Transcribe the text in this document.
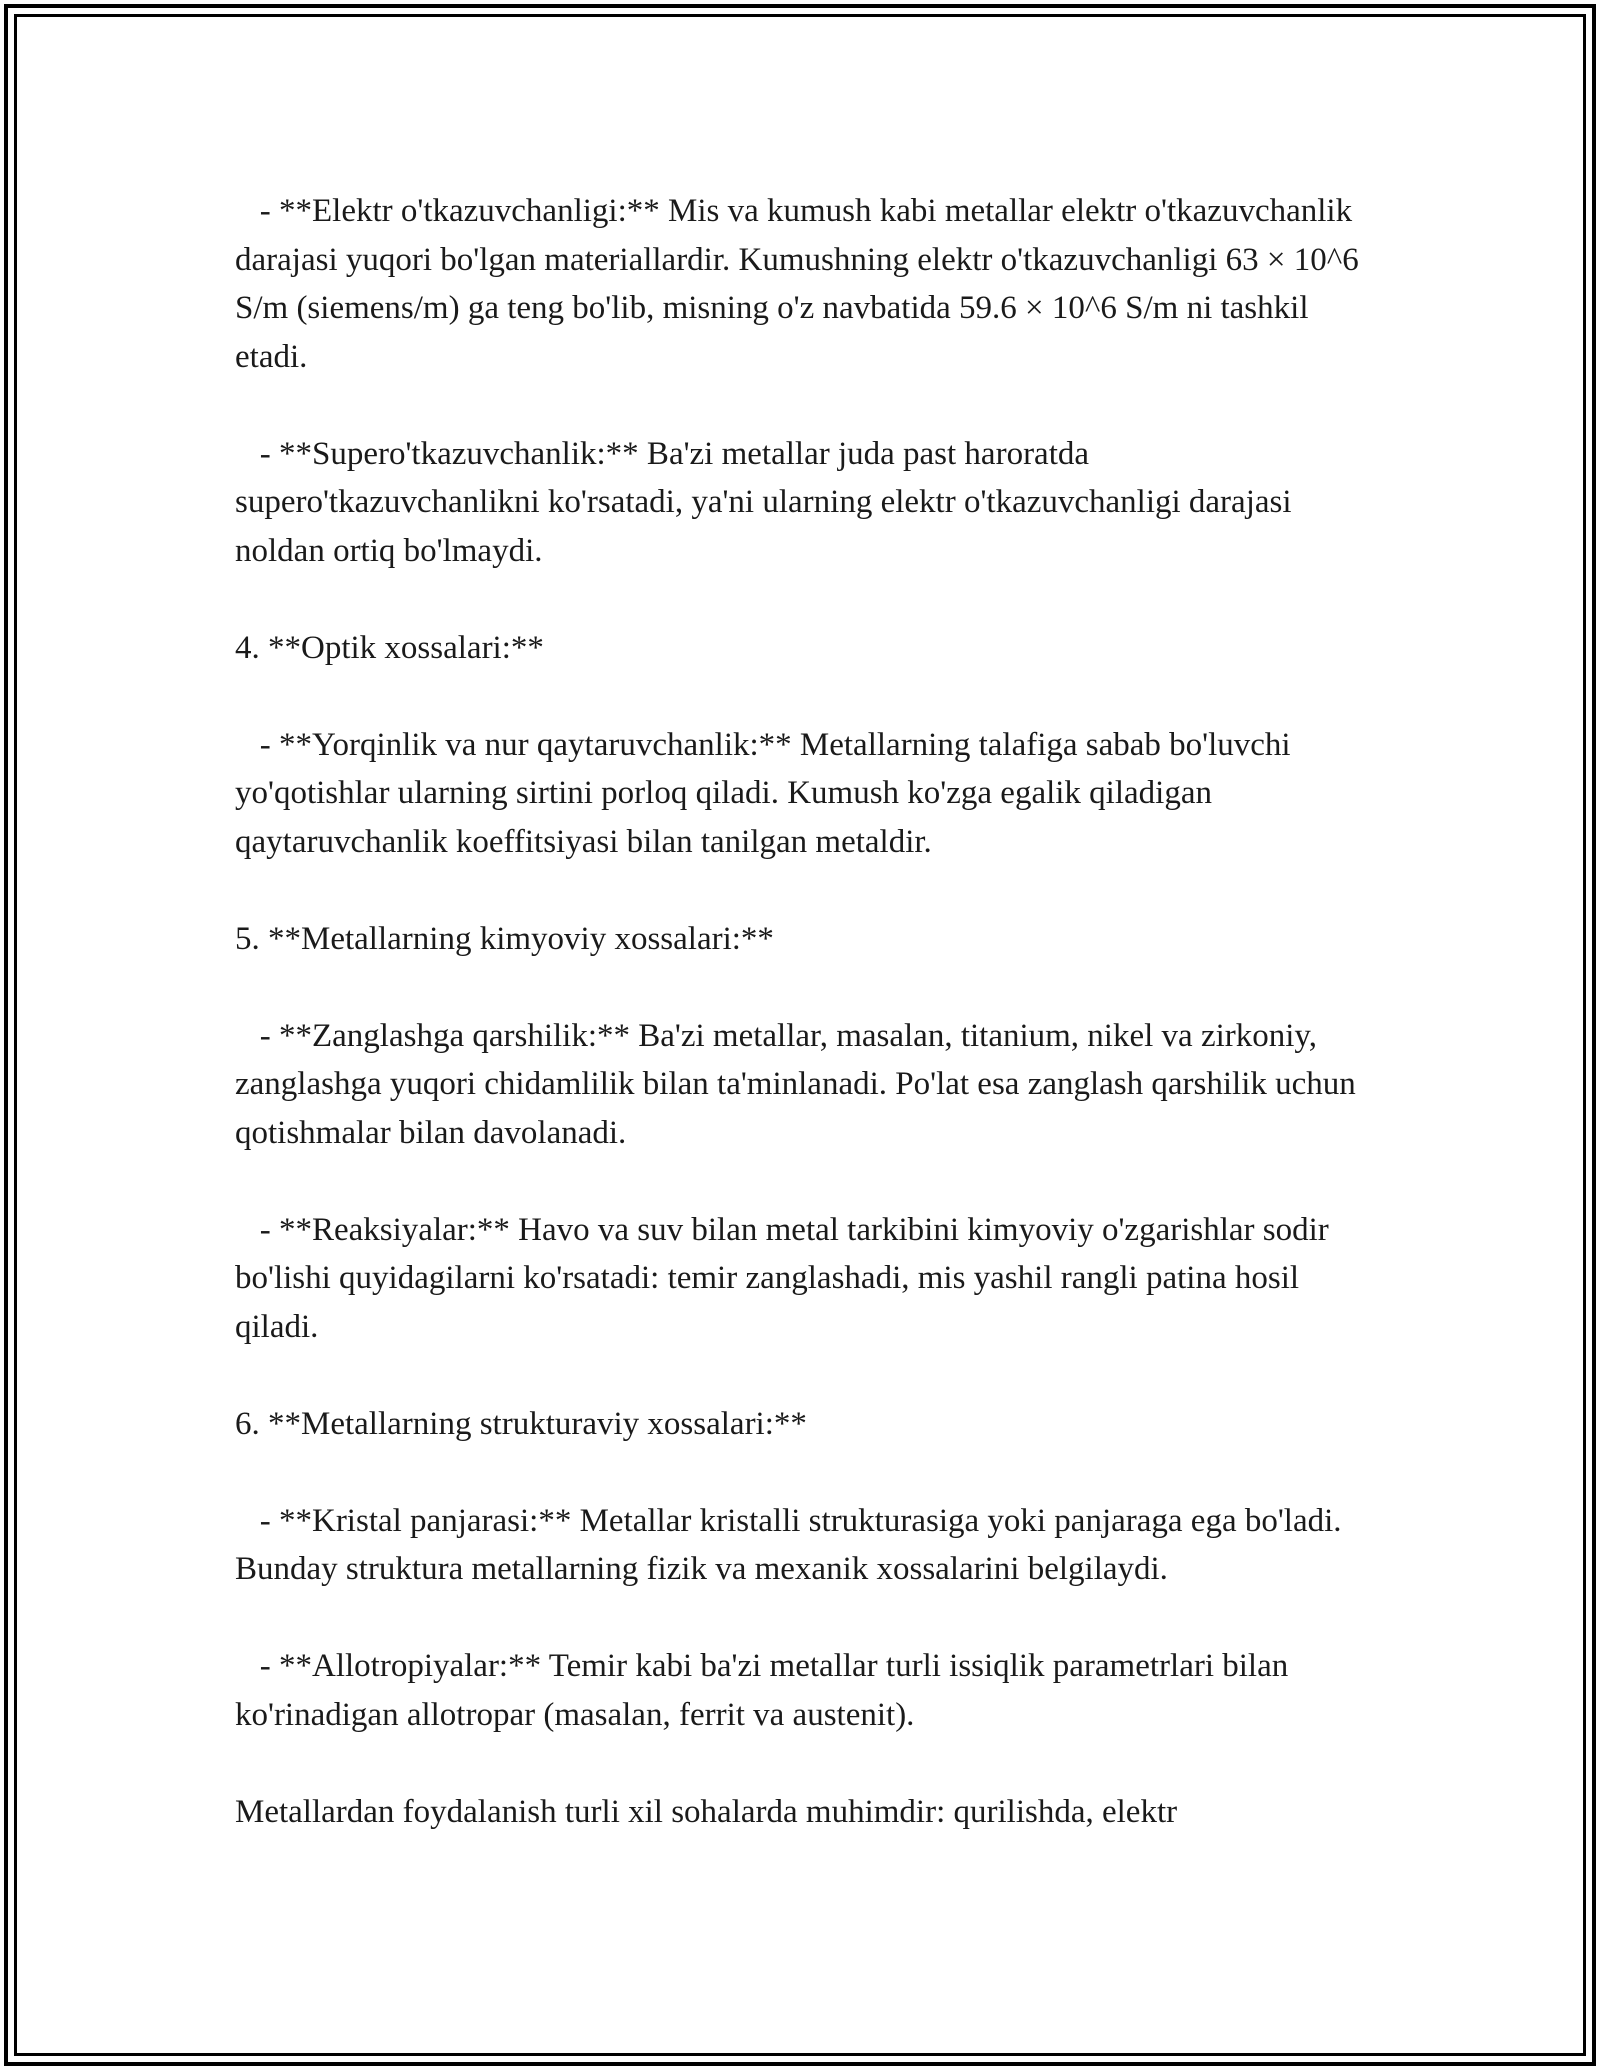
- **Elektr o'tkazuvchanligi:** Mis va kumush kabi metallar elektr o'tkazuvchanlik darajasi yuqori bo'lgan materiallardir. Kumushning elektr o'tkazuvchanligi 63 × 10^6 S/m (siemens/m) ga teng bo'lib, misning o'z navbatida 59.6 × 10^6 S/m ni tashkil etadi.

- **Supero'tkazuvchanlik:** Ba'zi metallar juda past haroratda supero'tkazuvchanlikni ko'rsatadi, ya'ni ularning elektr o'tkazuvchanligi darajasi noldan ortiq bo'lmaydi.

4. **Optik xossalari:**

- **Yorqinlik va nur qaytaruvchanlik:** Metallarning talafiga sabab bo'luvchi yo'qotishlar ularning sirtini porloq qiladi. Kumush ko'zga egalik qiladigan qaytaruvchanlik koeffitsiyasi bilan tanilgan metaldir.

5. **Metallarning kimyoviy xossalari:**

- **Zanglashga qarshilik:** Ba'zi metallar, masalan, titanium, nikel va zirkoniy, zanglashga yuqori chidamlilik bilan ta'minlanadi. Po'lat esa zanglash qarshilik uchun qotishmalar bilan davolanadi.

- **Reaksiyalar:** Havo va suv bilan metal tarkibini kimyoviy o'zgarishlar sodir bo'lishi quyidagilarni ko'rsatadi: temir zanglashadi, mis yashil rangli patina hosil qiladi.

6. **Metallarning strukturaviy xossalari:**

- **Kristal panjarasi:** Metallar kristalli strukturasiga yoki panjaraga ega bo'ladi. Bunday struktura metallarning fizik va mexanik xossalarini belgilaydi.

- **Allotropiyalar:** Temir kabi ba'zi metallar turli issiqlik parametrlari bilan ko'rinadigan allotropar (masalan, ferrit va austenit).

Metallardan foydalanish turli xil sohalarda muhimdir: qurilishda, elektr
